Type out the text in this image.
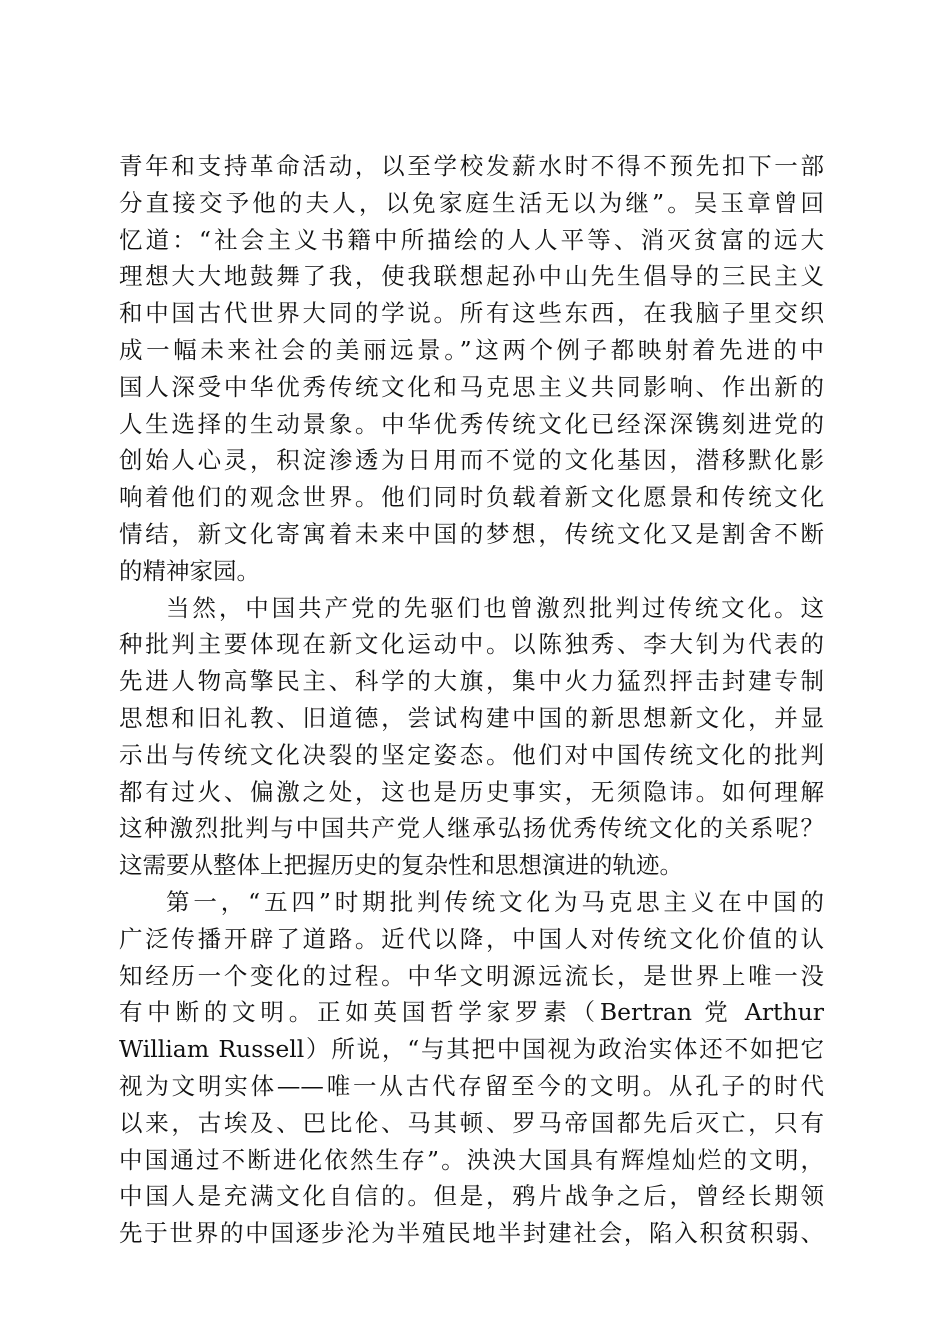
青年和支持革命活动，以至学校发薪水时不得不预先扣下一部
分直接交予他的夫人，以免家庭生活无以为继”。吴玉章曾回
忆道：“社会主义书籍中所描绘的人人平等、消灭贫富的远大
理想大大地鼓舞了我，使我联想起孙中山先生倡导的三民主义
和中国古代世界大同的学说。所有这些东西，在我脑子里交织
成一幅未来社会的美丽远景。”这两个例子都映射着先进的中
国人深受中华优秀传统文化和马克思主义共同影响、作出新的
人生选择的生动景象。中华优秀传统文化已经深深镌刻进党的
创始人心灵，积淀渗透为日用而不觉的文化基因，潜移默化影
响着他们的观念世界。他们同时负载着新文化愿景和传统文化
情结，新文化寄寓着未来中国的梦想，传统文化又是割舍不断
的精神家园。
当然，中国共产党的先驱们也曾激烈批判过传统文化。这
种批判主要体现在新文化运动中。以陈独秀、李大钊为代表的
先进人物高擎民主、科学的大旗，集中火力猛烈抨击封建专制
思想和旧礼教、旧道德，尝试构建中国的新思想新文化，并显
示出与传统文化决裂的坚定姿态。他们对中国传统文化的批判
都有过火、偏激之处，这也是历史事实，无须隐讳。如何理解
这种激烈批判与中国共产党人继承弘扬优秀传统文化的关系呢？
这需要从整体上把握历史的复杂性和思想演进的轨迹。
第一，“五四”时期批判传统文化为马克思主义在中国的
广泛传播开辟了道路。近代以降，中国人对传统文化价值的认
知经历一个变化的过程。中华文明源远流长，是世界上唯一没
有中断的文明。正如英国哲学家罗素（Bertran 党 Arthur
William Russell）所说，“与其把中国视为政治实体还不如把它
视为文明实体——唯一从古代存留至今的文明。从孔子的时代
以来，古埃及、巴比伦、马其顿、罗马帝国都先后灭亡，只有
中国通过不断进化依然生存”。泱泱大国具有辉煌灿烂的文明，
中国人是充满文化自信的。但是，鸦片战争之后，曾经长期领
先于世界的中国逐步沦为半殖民地半封建社会，陷入积贫积弱、
